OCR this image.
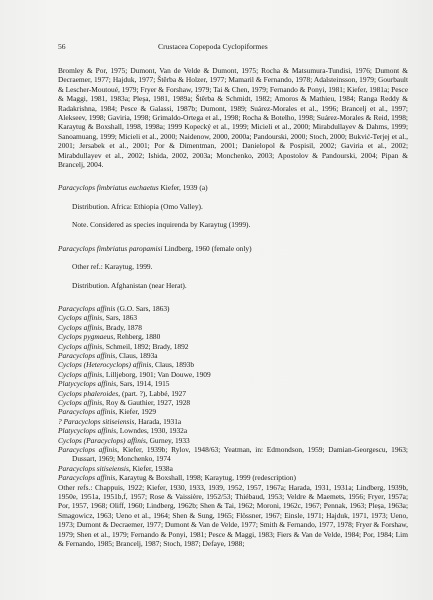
56	Crustacea Copepoda Cyclopiformes

Bromley & Por, 1975; Dumont, Van de Velde & Dumont, 1975; Rocha & Matsumura-Tundisi, 1976; Dumont & Decraemer, 1977; Hajduk, 1977; Štěrba & Holzer, 1977; Mamaril & Fernando, 1978; Adalsteinsson, 1979; Gourbault & Lescher-Moutoué, 1979; Fryer & Forshaw, 1979; Tai & Chen, 1979; Fernando & Ponyi, 1981; Kiefer, 1981a; Pesce & Maggi, 1981, 1983a; Pleșa, 1981, 1989a; Štěrba & Schmidt, 1982; Amoros & Mathieu, 1984; Ranga Reddy & Radakrishna, 1984; Pesce & Galassi, 1987b; Dumont, 1989; Suárez-Morales et al., 1996; Brancelj et al., 1997; Alekseev, 1998; Gaviria, 1998; Grimaldo-Ortega et al., 1998; Rocha & Botelho, 1998; Suárez-Morales & Reid, 1998; Karaytug & Boxshall, 1998, 1998a; 1999 Kopecký et al., 1999; Micieli et al., 2000; Mirabdullayev & Dahms, 1999; Sanoamuang, 1999; Micieli et al., 2000; Naidenow, 2000, 2000a; Pandourski, 2000; Stoch, 2000; Bukvić-Terjej et al., 2001; Jersabek et al., 2001; Por & Dimentman, 2001; Danielopol & Pospisil, 2002; Gaviria et al., 2002; Mirabdullayev et al., 2002; Ishida, 2002, 2003a; Monchenko, 2003; Apostolov & Pandourski, 2004; Pipan & Brancelj, 2004.

Paracyclops fimbriatus euchaetus Kiefer, 1939 (a)

Distribution. Africa: Ethiopia (Omo Valley).

Note. Considered as species inquirenda by Karaytug (1999).

Paracyclops fimbriatus paropamisi Lindberg, 1960 (female only)

Other ref.: Karaytug, 1999.

Distribution. Afghanistan (near Herat).

Paracyclops affinis (G.O. Sars, 1863)

Cyclops affinis, Sars, 1863

Cyclops affinis, Brady, 1878

Cyclops pygmaeus, Rehberg, 1880

Cyclops affinis, Schmeil, 1892; Brady, 1892

Paracyclops affinis, Claus, 1893a

Cyclops (Heterocyclops) affinis, Claus, 1893b

Cyclops affinis, Lilljeborg, 1901; Van Douwe, 1909

Platycyclops affinis, Sars, 1914, 1915

Cyclops phaleroides, (part. ?), Labbé, 1927

Cyclops affinis, Roy & Gauthier, 1927, 1928

Paracyclops affinis, Kiefer, 1929

? Paracyclops sitiseiensis, Harada, 1931a

Platycyclops affinis, Lowndes, 1930, 1932a

Cyclops (Paracyclops) affinis, Gurney, 1933

Paracyclops affinis, Kiefer, 1939b; Rylov, 1948/63; Yeatman, in: Edmondson, 1959; Damian-Georgescu, 1963; Dussart, 1969; Monchenko, 1974

Paracyclops sitiseiensis, Kiefer, 1938a

Paracyclops affinis, Karaytug & Boxshall, 1998; Karaytug, 1999 (redescription)

Other refs.: Chappuis, 1922; Kiefer, 1930, 1933, 1939, 1952, 1957, 1967a; Harada, 1931, 1931a; Lindberg, 1939b, 1950e, 1951a, 1951b,f, 1957; Rose & Vaissière, 1952/53; Thiébaud, 1953; Veldre & Maemets, 1956; Fryer, 1957a; Por, 1957, 1968; Oliff, 1960; Lindberg, 1962b; Shen & Tai, 1962; Moroni, 1962c, 1967; Pennak, 1963; Pleșa, 1963a; Smagowicz, 1963; Ueno et al., 1964; Shen & Sung, 1965; Flössner, 1967; Einsle, 1971; Hajduk, 1971, 1973; Ueno, 1973; Dumont & Decraemer, 1977; Dumont & Van de Velde, 1977; Smith & Fernando, 1977, 1978; Fryer & Forshaw, 1979; Shen et al., 1979; Fernando & Ponyi, 1981; Pesce & Maggi, 1983; Fiers & Van de Velde, 1984; Por, 1984; Lim & Fernando, 1985; Brancelj, 1987; Stoch, 1987; Defaye, 1988;
